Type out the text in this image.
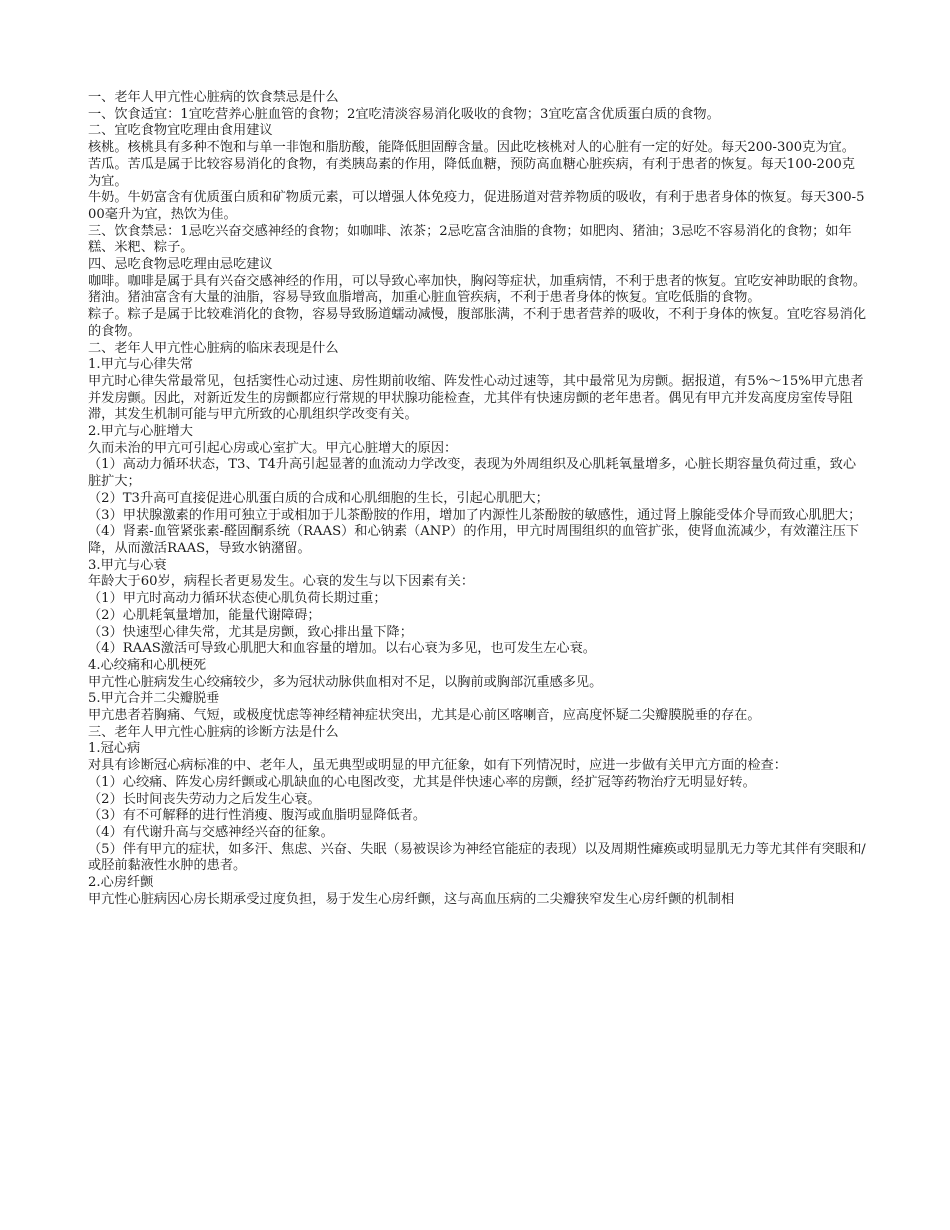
一、老年人甲亢性心脏病的饮食禁忌是什么

一、饮食适宜：1宜吃营养心脏血管的食物；2宜吃清淡容易消化吸收的食物；3宜吃富含优质蛋白质的食物。

二、宜吃食物宜吃理由食用建议

核桃。核桃具有多种不饱和与单一非饱和脂肪酸，能降低胆固醇含量。因此吃核桃对人的心脏有一定的好处。每天200-300克为宜。

苦瓜。苦瓜是属于比较容易消化的食物，有类胰岛素的作用，降低血糖，预防高血糖心脏疾病，有利于患者的恢复。每天100-200克为宜。

牛奶。牛奶富含有优质蛋白质和矿物质元素，可以增强人体免疫力，促进肠道对营养物质的吸收，有利于患者身体的恢复。每天300-500毫升为宜，热饮为佳。

三、饮食禁忌：1忌吃兴奋交感神经的食物；如咖啡、浓茶；2忌吃富含油脂的食物；如肥肉、猪油；3忌吃不容易消化的食物；如年糕、米粑、粽子。

四、忌吃食物忌吃理由忌吃建议

咖啡。咖啡是属于具有兴奋交感神经的作用，可以导致心率加快，胸闷等症状，加重病情，不利于患者的恢复。宜吃安神助眠的食物。

猪油。猪油富含有大量的油脂，容易导致血脂增高，加重心脏血管疾病，不利于患者身体的恢复。宜吃低脂的食物。

粽子。粽子是属于比较难消化的食物，容易导致肠道蠕动减慢，腹部胀满，不利于患者营养的吸收，不利于身体的恢复。宜吃容易消化的食物。

二、老年人甲亢性心脏病的临床表现是什么

1.甲亢与心律失常

甲亢时心律失常最常见，包括窦性心动过速、房性期前收缩、阵发性心动过速等，其中最常见为房颤。据报道，有5%～15%甲亢患者并发房颤。因此，对新近发生的房颤都应行常规的甲状腺功能检查，尤其伴有快速房颤的老年患者。偶见有甲亢并发高度房室传导阻滞，其发生机制可能与甲亢所致的心肌组织学改变有关。

2.甲亢与心脏增大

久而未治的甲亢可引起心房或心室扩大。甲亢心脏增大的原因：

（1）高动力循环状态，T3、T4升高引起显著的血流动力学改变，表现为外周组织及心肌耗氧量增多，心脏长期容量负荷过重，致心脏扩大；

（2）T3升高可直接促进心肌蛋白质的合成和心肌细胞的生长，引起心肌肥大；

（3）甲状腺激素的作用可独立于或相加于儿茶酚胺的作用，增加了内源性儿茶酚胺的敏感性，通过肾上腺能受体介导而致心肌肥大；

（4）肾素-血管紧张素-醛固酮系统（RAAS）和心钠素（ANP）的作用，甲亢时周围组织的血管扩张，使肾血流减少，有效灌注压下降，从而激活RAAS，导致水钠潴留。

3.甲亢与心衰

年龄大于60岁，病程长者更易发生。心衰的发生与以下因素有关：

（1）甲亢时高动力循环状态使心肌负荷长期过重；

（2）心肌耗氧量增加，能量代谢障碍；

（3）快速型心律失常，尤其是房颤，致心排出量下降；

（4）RAAS激活可导致心肌肥大和血容量的增加。以右心衰为多见，也可发生左心衰。

4.心绞痛和心肌梗死

甲亢性心脏病发生心绞痛较少，多为冠状动脉供血相对不足，以胸前或胸部沉重感多见。

5.甲亢合并二尖瓣脱垂

甲亢患者若胸痛、气短，或极度忧虑等神经精神症状突出，尤其是心前区喀喇音，应高度怀疑二尖瓣膜脱垂的存在。

三、老年人甲亢性心脏病的诊断方法是什么

1.冠心病

对具有诊断冠心病标准的中、老年人，虽无典型或明显的甲亢征象，如有下列情况时，应进一步做有关甲亢方面的检查：

（1）心绞痛、阵发心房纤颤或心肌缺血的心电图改变，尤其是伴快速心率的房颤，经扩冠等药物治疗无明显好转。

（2）长时间丧失劳动力之后发生心衰。

（3）有不可解释的进行性消瘦、腹泻或血脂明显降低者。

（4）有代谢升高与交感神经兴奋的征象。

（5）伴有甲亢的症状，如多汗、焦虑、兴奋、失眠（易被误诊为神经官能症的表现）以及周期性瘫痪或明显肌无力等尤其伴有突眼和/或胫前黏液性水肿的患者。

2.心房纤颤

甲亢性心脏病因心房长期承受过度负担，易于发生心房纤颤，这与高血压病的二尖瓣狭窄发生心房纤颤的机制相
